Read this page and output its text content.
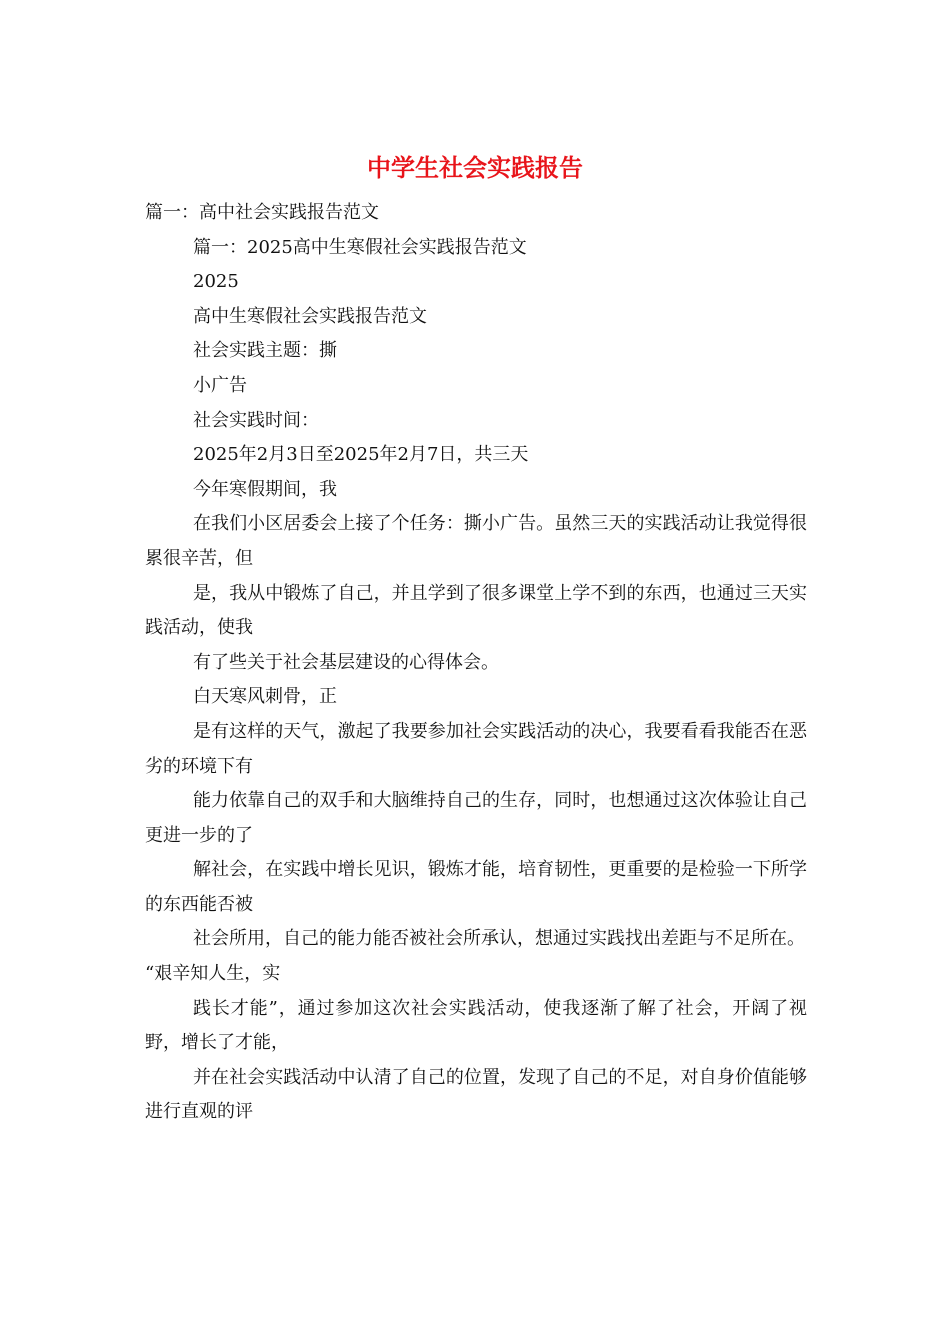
中学生社会实践报告

篇一：高中社会实践报告范文

篇一：2025高中生寒假社会实践报告范文

2025

高中生寒假社会实践报告范文

社会实践主题：撕

小广告

社会实践时间：

2025年2月3日至2025年2月7日，共三天

今年寒假期间，我

在我们小区居委会上接了个任务：撕小广告。虽然三天的实践活动让我觉得很累很辛苦，但

是，我从中锻炼了自己，并且学到了很多课堂上学不到的东西，也通过三天实践活动，使我

有了些关于社会基层建设的心得体会。

白天寒风刺骨，正

是有这样的天气，激起了我要参加社会实践活动的决心，我要看看我能否在恶劣的环境下有

能力依靠自己的双手和大脑维持自己的生存，同时，也想通过这次体验让自己更进一步的了

解社会，在实践中增长见识，锻炼才能，培育韧性，更重要的是检验一下所学的东西能否被

社会所用，自己的能力能否被社会所承认，想通过实践找出差距与不足所在。

“艰辛知人生，实

践长才能”，通过参加这次社会实践活动，使我逐渐了解了社会，开阔了视野，增长了才能，

并在社会实践活动中认清了自己的位置，发现了自己的不足，对自身价值能够进行直观的评
